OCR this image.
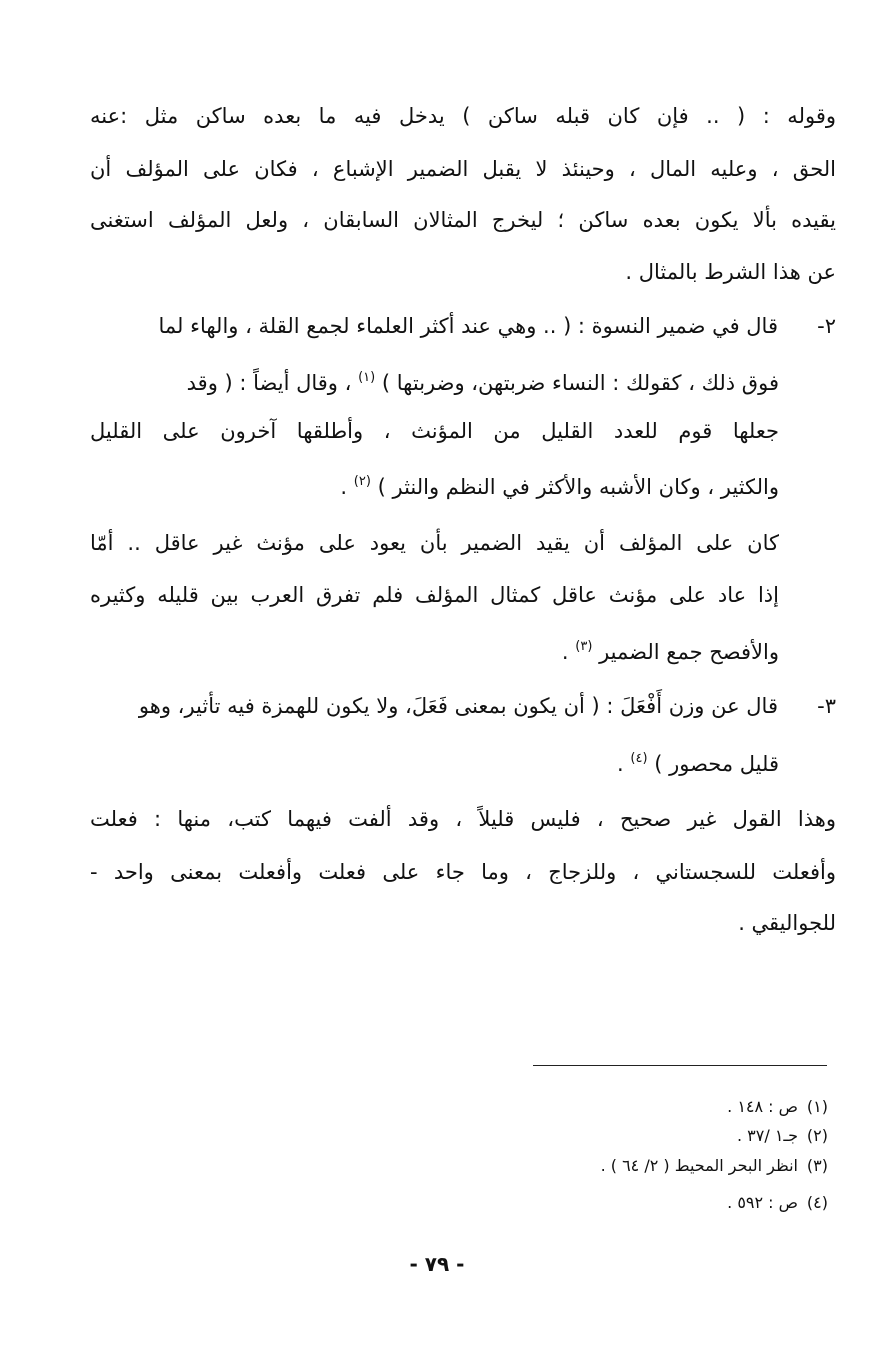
وقوله : ( .. فإن كان قبله ساكن ) يدخل فيه ما بعده ساكن مثل :عنه
الحق ، وعليه المال ، وحينئذ لا يقبل الضمير الإشباع ، فكان على المؤلف أن
يقيده بألا يكون بعده ساكن ؛ ليخرج المثالان السابقان ، ولعل المؤلف استغنى
عن هذا الشرط بالمثال .
٢-قال في ضمير النسوة : ( .. وهي عند أكثر العلماء لجمع القلة ، والهاء لما
فوق ذلك ، كقولك : النساء ضربتهن، وضربتها ) $^{(١)}$ ، وقال أيضاً : ( وقد
جعلها قوم للعدد القليل من المؤنث ، وأطلقها آخرون على القليل
والكثير ، وكان الأشبه والأكثر في النظم والنثر ) $^{(٢)}$ .
كان على المؤلف أن يقيد الضمير بأن يعود على مؤنث غير عاقل .. أمّا
إذا عاد على مؤنث عاقل كمثال المؤلف فلم تفرق العرب بين قليله وكثيره
والأفصح جمع الضمير $^{(٣)}$ .
٣-قال عن وزن أَفْعَلَ : ( أن يكون بمعنى فَعَلَ، ولا يكون للهمزة فيه تأثير، وهو
قليل محصور ) $^{(٤)}$ .
وهذا القول غير صحيح ، فليس قليلاً ، وقد ألفت فيهما كتب، منها : فعلت
وأفعلت للسجستاني ، وللزجاج ، وما جاء على فعلت وأفعلت بمعنى واحد -
للجواليقي .
(١)ص : ١٤٨ .
(٢)جـ١ /٣٧ .
(٣)انظر البحر المحيط ( ٢/ ٦٤ ) .
(٤)ص : ٥٩٢ .
- ٧٩ -
